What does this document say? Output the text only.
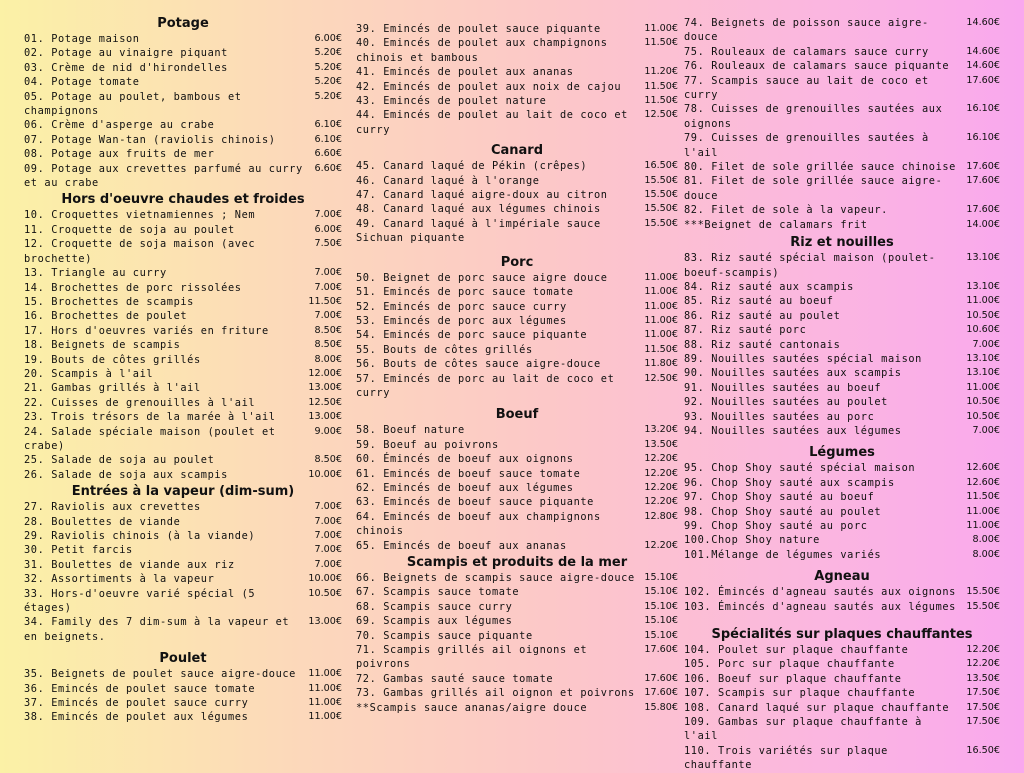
Potage
01. Potage maison	6.00€
02. Potage au vinaigre piquant	5.20€
03. Crème de nid d'hirondelles	5.20€
04. Potage tomate	5.20€
05. Potage au poulet, bambous et champignons
5.20€
06. Crème d'asperge au crabe	6.10€
07. Potage Wan-tan (raviolis chinois)	6.10€
08. Potage aux fruits de mer	6.60€
09. Potage aux crevettes parfumé au curry et au crabe
6.60€
Hors d'oeuvre chaudes et froides
10. Croquettes vietnamiennes ; Nem	7.00€
11. Croquette de soja au poulet	6.00€
12. Croquette de soja maison (avec brochette)
7.50€
13. Triangle au curry	7.00€
14. Brochettes de porc rissolées	7.00€
15. Brochettes de scampis	11.50€
16. Brochettes de poulet	7.00€
17. Hors d'oeuvres variés en friture	8.50€
18. Beignets de scampis	8.50€
19. Bouts de côtes grillés	8.00€
20. Scampis à l'ail	12.00€
21. Gambas grillés à l'ail	13.00€
22. Cuisses de grenouilles à l'ail	12.50€
23. Trois trésors de la marée à l'ail	13.00€
24. Salade spéciale maison (poulet et crabe)
9.00€
25. Salade de soja au poulet	8.50€
26. Salade de soja aux scampis	10.00€
Entrées à la vapeur (dim-sum)
27. Raviolis aux crevettes	7.00€
28. Boulettes de viande	7.00€
29. Raviolis chinois (à la viande)	7.00€
30. Petit farcis	7.00€
31. Boulettes de viande aux riz	7.00€
32. Assortiments à la vapeur	10.00€
33. Hors-d'oeuvre varié spécial (5 étages)
10.50€
34. Family des 7 dim-sum à la vapeur et en beignets.
13.00€
Poulet
35. Beignets de poulet sauce aigre-douce	11.00€
36. Emincés de poulet sauce tomate	11.00€
37. Emincés de poulet sauce curry	11.00€
38. Emincés de poulet aux légumes	11.00€
39. Emincés de poulet sauce piquante	11.00€
40. Emincés de poulet aux champignons chinois et bambous
11.50€
41. Emincés de poulet aux ananas	11.20€
42. Emincés de poulet aux noix de cajou	11.50€
43. Emincés de poulet nature	11.50€
44. Emincés de poulet au lait de coco et curry
12.50€
Canard
45. Canard laqué de Pékin (crêpes)	16.50€
46. Canard laqué à l'orange	15.50€
47. Canard laqué aigre-doux au citron	15.50€
48. Canard laqué aux légumes chinois	15.50€
49. Canard laqué à l'impériale sauce Sichuan piquante
15.50€
Porc
50. Beignet de porc sauce aigre douce	11.00€
51. Emincés de porc sauce tomate	11.00€
52. Emincés de porc sauce curry	11.00€
53. Emincés de porc aux légumes	11.00€
54. Emincés de porc sauce piquante	11.00€
55. Bouts de côtes grillés	11.50€
56. Bouts de côtes sauce aigre-douce	11.80€
57. Emincés de porc au lait de coco et curry
12.50€
Boeuf
58. Boeuf nature	13.20€
59. Boeuf au poivrons	13.50€
60. Émincés de boeuf aux oignons	12.20€
61. Emincés de boeuf sauce tomate	12.20€
62. Emincés de boeuf aux légumes	12.20€
63. Emincés de boeuf sauce piquante	12.20€
64. Emincés de boeuf aux champignons chinois
12.80€
65. Emincés de boeuf aux ananas	12.20€
Scampis et produits de la mer
66. Beignets de scampis sauce aigre-douce	15.10€
67. Scampis sauce tomate	15.10€
68. Scampis sauce curry	15.10€
69. Scampis aux légumes	15.10€
70. Scampis sauce piquante	15.10€
71. Scampis grillés ail oignons et poivrons
17.60€
72. Gambas sauté sauce tomate	17.60€
73. Gambas grillés ail oignon et poivrons	17.60€
**Scampis sauce ananas/aigre douce	15.80€
74. Beignets de poisson sauce aigre-douce
14.60€
75. Rouleaux de calamars sauce curry	14.60€
76. Rouleaux de calamars sauce piquante	14.60€
77. Scampis sauce au lait de coco et curry
17.60€
78. Cuisses de grenouilles sautées aux oignons
16.10€
79. Cuisses de grenouilles sautées à l'ail
16.10€
80. Filet de sole grillée sauce chinoise	17.60€
81. Filet de sole grillée sauce aigre-douce
17.60€
82. Filet de sole à la vapeur.	17.60€
***Beignet de calamars frit	14.00€
Riz et nouilles
83. Riz sauté spécial maison (poulet-boeuf-scampis)
13.10€
84. Riz sauté aux scampis	13.10€
85. Riz sauté au boeuf	11.00€
86. Riz sauté au poulet	10.50€
87. Riz sauté porc	10.60€
88. Riz sauté cantonais	7.00€
89. Nouilles sautées spécial maison	13.10€
90. Nouilles sautées aux scampis	13.10€
91. Nouilles sautées au boeuf	11.00€
92. Nouilles sautées au poulet	10.50€
93. Nouilles sautées au porc	10.50€
94. Nouilles sautées aux légumes	7.00€
Légumes
95. Chop Shoy sauté spécial maison	12.60€
96. Chop Shoy sauté aux scampis	12.60€
97. Chop Shoy sauté au boeuf	11.50€
98. Chop Shoy sauté au poulet	11.00€
99. Chop Shoy sauté au porc	11.00€
100.Chop Shoy nature	8.00€
101.Mélange de légumes variés	8.00€
Agneau
102. Émincés d'agneau sautés aux oignons	15.50€
103. Émincés d'agneau sautés aux légumes	15.50€
Spécialités sur plaques chauffantes
104. Poulet sur plaque chauffante	12.20€
105. Porc sur plaque chauffante	12.20€
106. Boeuf sur plaque chauffante	13.50€
107. Scampis sur plaque chauffante	17.50€
108. Canard laqué sur plaque chauffante	17.50€
109. Gambas sur plaque chauffante à l'ail
17.50€
110. Trois variétés sur plaque chauffante
16.50€
